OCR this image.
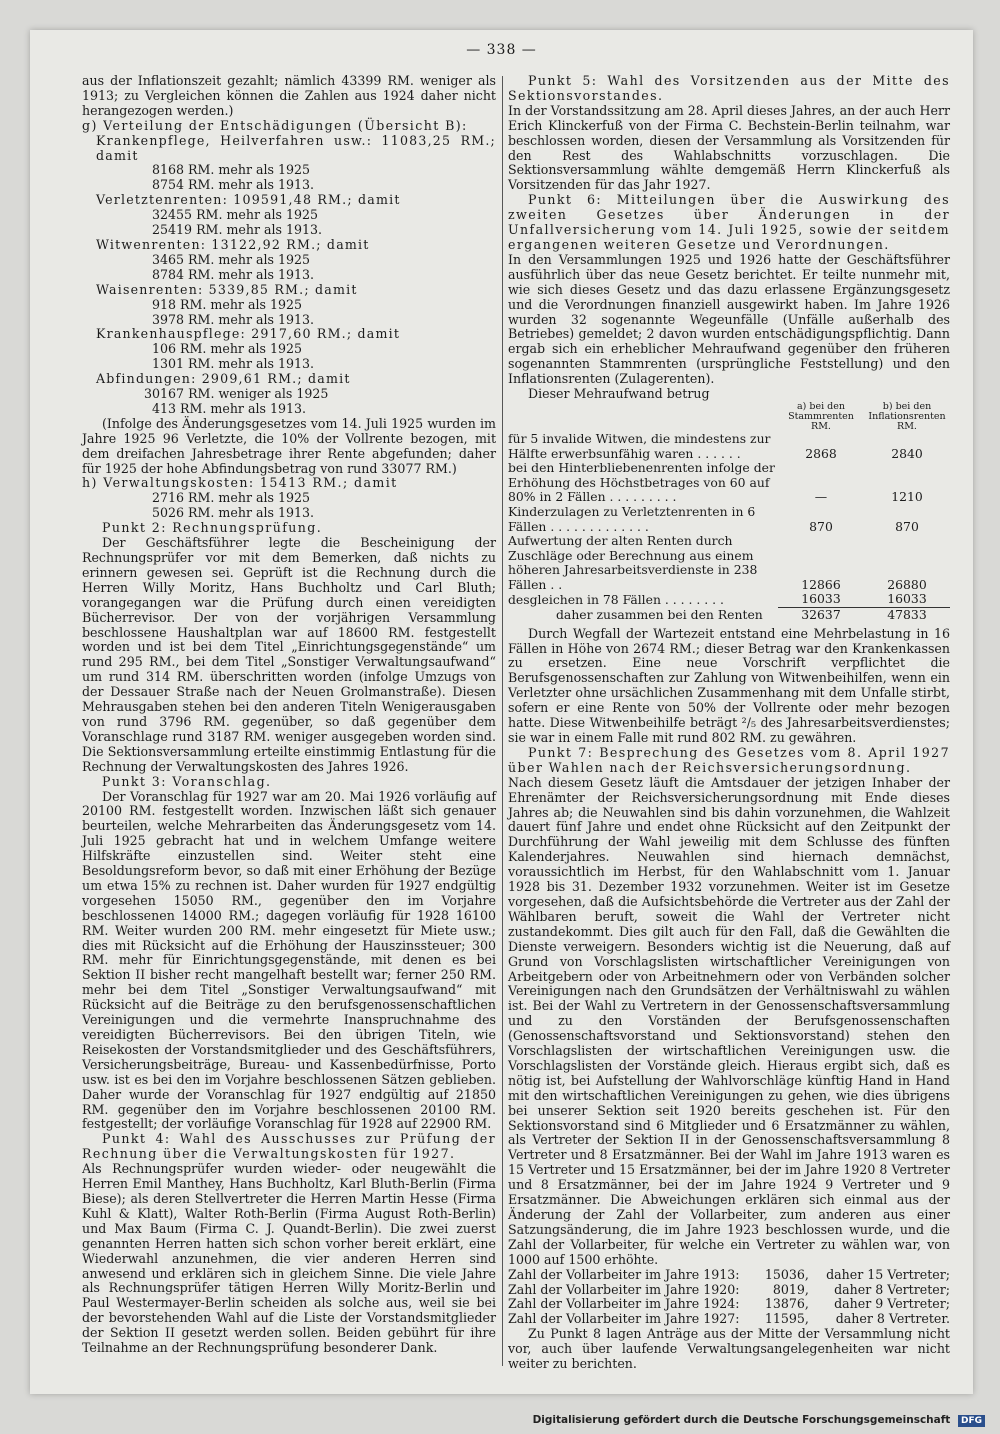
— 338 —

aus der Inflationszeit gezahlt; nämlich 43399 RM. weniger als 1913; zu Vergleichen können die Zahlen aus 1924 daher nicht herangezogen werden.)

g) Verteilung der Entschädigungen (Übersicht B):

Krankenpflege, Heilverfahren usw.: 11083,25 RM.; damit

8168 RM. mehr als 1925

8754 RM. mehr als 1913.

Verletztenrenten: 109591,48 RM.; damit

32455 RM. mehr als 1925

25419 RM. mehr als 1913.

Witwenrenten: 13122,92 RM.; damit

3465 RM. mehr als 1925

8784 RM. mehr als 1913.

Waisenrenten: 5339,85 RM.; damit

918 RM. mehr als 1925

3978 RM. mehr als 1913.

Krankenhauspflege: 2917,60 RM.; damit

106 RM. mehr als 1925

1301 RM. mehr als 1913.

Abfindungen: 2909,61 RM.; damit

30167 RM. weniger als 1925

413 RM. mehr als 1913.

(Infolge des Änderungsgesetzes vom 14. Juli 1925 wurden im Jahre 1925 96 Verletzte, die 10% der Vollrente bezogen, mit dem dreifachen Jahresbetrage ihrer Rente abgefunden; daher für 1925 der hohe Abfindungsbetrag von rund 33077 RM.)

h) Verwaltungskosten: 15413 RM.; damit

2716 RM. mehr als 1925

5026 RM. mehr als 1913.

Punkt 2: Rechnungsprüfung.

Der Geschäftsführer legte die Bescheinigung der Rechnungsprüfer vor mit dem Bemerken, daß nichts zu erinnern gewesen sei. Geprüft ist die Rechnung durch die Herren Willy Moritz, Hans Buchholtz und Carl Bluth; vorangegangen war die Prüfung durch einen vereidigten Bücherrevisor. Der von der vorjährigen Versammlung beschlossene Haushaltplan war auf 18600 RM. festgestellt worden und ist bei dem Titel „Einrichtungsgegenstände“ um rund 295 RM., bei dem Titel „Sonstiger Verwaltungsaufwand“ um rund 314 RM. überschritten worden (infolge Umzugs von der Dessauer Straße nach der Neuen Grolmanstraße). Diesen Mehrausgaben stehen bei den anderen Titeln Wenigerausgaben von rund 3796 RM. gegenüber, so daß gegenüber dem Voranschlage rund 3187 RM. weniger ausgegeben worden sind. Die Sektionsversammlung erteilte einstimmig Entlastung für die Rechnung der Verwaltungskosten des Jahres 1926.

Punkt 3: Voranschlag.

Der Voranschlag für 1927 war am 20. Mai 1926 vorläufig auf 20100 RM. festgestellt worden. Inzwischen läßt sich genauer beurteilen, welche Mehrarbeiten das Änderungsgesetz vom 14. Juli 1925 gebracht hat und in welchem Umfange weitere Hilfskräfte einzustellen sind. Weiter steht eine Besoldungsreform bevor, so daß mit einer Erhöhung der Bezüge um etwa 15% zu rechnen ist. Daher wurden für 1927 endgültig vorgesehen 15050 RM., gegenüber den im Vorjahre beschlossenen 14000 RM.; dagegen vorläufig für 1928 16100 RM. Weiter wurden 200 RM. mehr eingesetzt für Miete usw.; dies mit Rücksicht auf die Erhöhung der Hauszinssteuer; 300 RM. mehr für Einrichtungsgegenstände, mit denen es bei Sektion II bisher recht mangelhaft bestellt war; ferner 250 RM. mehr bei dem Titel „Sonstiger Verwaltungsaufwand“ mit Rücksicht auf die Beiträge zu den berufsgenossenschaftlichen Vereinigungen und die vermehrte Inanspruchnahme des vereidigten Bücherrevisors. Bei den übrigen Titeln, wie Reisekosten der Vorstandsmitglieder und des Geschäftsführers, Versicherungsbeiträge, Bureau- und Kassenbedürfnisse, Porto usw. ist es bei den im Vorjahre beschlossenen Sätzen geblieben. Daher wurde der Voranschlag für 1927 endgültig auf 21850 RM. gegenüber den im Vorjahre beschlossenen 20100 RM. festgestellt; der vorläufige Voranschlag für 1928 auf 22900 RM.

Punkt 4: Wahl des Ausschusses zur Prüfung der Rechnung über die Verwaltungskosten für 1927.

Als Rechnungsprüfer wurden wieder- oder neugewählt die Herren Emil Manthey, Hans Buchholtz, Karl Bluth-Berlin (Firma Biese); als deren Stellvertreter die Herren Martin Hesse (Firma Kuhl & Klatt), Walter Roth-Berlin (Firma August Roth-Berlin) und Max Baum (Firma C. J. Quandt-Berlin). Die zwei zuerst genannten Herren hatten sich schon vorher bereit erklärt, eine Wiederwahl anzunehmen, die vier anderen Herren sind anwesend und erklären sich in gleichem Sinne. Die viele Jahre als Rechnungsprüfer tätigen Herren Willy Moritz-Berlin und Paul Westermayer-Berlin scheiden als solche aus, weil sie bei der bevorstehenden Wahl auf die Liste der Vorstandsmitglieder der Sektion II gesetzt werden sollen. Beiden gebührt für ihre Teilnahme an der Rechnungsprüfung besonderer Dank.

Punkt 5: Wahl des Vorsitzenden aus der Mitte des Sektionsvorstandes.

In der Vorstandssitzung am 28. April dieses Jahres, an der auch Herr Erich Klinckerfuß von der Firma C. Bechstein-Berlin teilnahm, war beschlossen worden, diesen der Versammlung als Vorsitzenden für den Rest des Wahlabschnitts vorzuschlagen. Die Sektionsversammlung wählte demgemäß Herrn Klinckerfuß als Vorsitzenden für das Jahr 1927.

Punkt 6: Mitteilungen über die Auswirkung des zweiten Gesetzes über Änderungen in der Unfallversicherung vom 14. Juli 1925, sowie der seitdem ergangenen weiteren Gesetze und Verordnungen.

In den Versammlungen 1925 und 1926 hatte der Geschäftsführer ausführlich über das neue Gesetz berichtet. Er teilte nunmehr mit, wie sich dieses Gesetz und das dazu erlassene Ergänzungsgesetz und die Verordnungen finanziell ausgewirkt haben. Im Jahre 1926 wurden 32 sogenannte Wegeunfälle (Unfälle außerhalb des Betriebes) gemeldet; 2 davon wurden entschädigungspflichtig. Dann ergab sich ein erheblicher Mehraufwand gegenüber den früheren sogenannten Stammrenten (ursprüngliche Feststellung) und den Inflationsrenten (Zulagerenten).

Dieser Mehraufwand betrug

	a) bei den Stammrenten RM.	b) bei den Inflationsrenten RM.
für 5 invalide Witwen, die mindestens zur Hälfte erwerbsunfähig waren . . . . . .	2868	2840
bei den Hinterbliebenenrenten infolge der Erhöhung des Höchstbetrages von 60 auf 80% in 2 Fällen . . . . . . . . .	—	1210
Kinderzulagen zu Verletztenrenten in 6 Fällen . . . . . . . . . . . . .	870	870
Aufwertung der alten Renten durch Zuschläge oder Berechnung aus einem höheren Jahresarbeitsverdienste in 238 Fällen . .	12866	26880
desgleichen in 78 Fällen . . . . . . . .	16033	16033
daher zusammen bei den Renten	32637	47833

Durch Wegfall der Wartezeit entstand eine Mehrbelastung in 16 Fällen in Höhe von 2674 RM.; dieser Betrag war den Krankenkassen zu ersetzen. Eine neue Vorschrift verpflichtet die Berufsgenossenschaften zur Zahlung von Witwenbeihilfen, wenn ein Verletzter ohne ursächlichen Zusammenhang mit dem Unfalle stirbt, sofern er eine Rente von 50% der Vollrente oder mehr bezogen hatte. Diese Witwenbeihilfe beträgt ²/₅ des Jahresarbeitsverdienstes; sie war in einem Falle mit rund 802 RM. zu gewähren.

Punkt 7: Besprechung des Gesetzes vom 8. April 1927 über Wahlen nach der Reichsversicherungsordnung.

Nach diesem Gesetz läuft die Amtsdauer der jetzigen Inhaber der Ehrenämter der Reichsversicherungsordnung mit Ende dieses Jahres ab; die Neuwahlen sind bis dahin vorzunehmen, die Wahlzeit dauert fünf Jahre und endet ohne Rücksicht auf den Zeitpunkt der Durchführung der Wahl jeweilig mit dem Schlusse des fünften Kalenderjahres. Neuwahlen sind hiernach demnächst, voraussichtlich im Herbst, für den Wahlabschnitt vom 1. Januar 1928 bis 31. Dezember 1932 vorzunehmen. Weiter ist im Gesetze vorgesehen, daß die Aufsichtsbehörde die Vertreter aus der Zahl der Wählbaren beruft, soweit die Wahl der Vertreter nicht zustandekommt. Dies gilt auch für den Fall, daß die Gewählten die Dienste verweigern. Besonders wichtig ist die Neuerung, daß auf Grund von Vorschlagslisten wirtschaftlicher Vereinigungen von Arbeitgebern oder von Arbeitnehmern oder von Verbänden solcher Vereinigungen nach den Grundsätzen der Verhältniswahl zu wählen ist. Bei der Wahl zu Vertretern in der Genossenschaftsversammlung und zu den Vorständen der Berufsgenossenschaften (Genossenschaftsvorstand und Sektionsvorstand) stehen den Vorschlagslisten der wirtschaftlichen Vereinigungen usw. die Vorschlagslisten der Vorstände gleich. Hieraus ergibt sich, daß es nötig ist, bei Aufstellung der Wahlvorschläge künftig Hand in Hand mit den wirtschaftlichen Vereinigungen zu gehen, wie dies übrigens bei unserer Sektion seit 1920 bereits geschehen ist. Für den Sektionsvorstand sind 6 Mitglieder und 6 Ersatzmänner zu wählen, als Vertreter der Sektion II in der Genossenschaftsversammlung 8 Vertreter und 8 Ersatzmänner. Bei der Wahl im Jahre 1913 waren es 15 Vertreter und 15 Ersatzmänner, bei der im Jahre 1920 8 Vertreter und 8 Ersatzmänner, bei der im Jahre 1924 9 Vertreter und 9 Ersatzmänner. Die Abweichungen erklären sich einmal aus der Änderung der Zahl der Vollarbeiter, zum anderen aus einer Satzungsänderung, die im Jahre 1923 beschlossen wurde, und die Zahl der Vollarbeiter, für welche ein Vertreter zu wählen war, von 1000 auf 1500 erhöhte.

Zahl der Vollarbeiter im Jahre 1913:	15036,	daher 15 Vertreter;
Zahl der Vollarbeiter im Jahre 1920:	8019,	daher 8 Vertreter;
Zahl der Vollarbeiter im Jahre 1924:	13876,	daher 9 Vertreter;
Zahl der Vollarbeiter im Jahre 1927:	11595,	daher 8 Vertreter.

Zu Punkt 8 lagen Anträge aus der Mitte der Versammlung nicht vor, auch über laufende Verwaltungsangelegenheiten war nicht weiter zu berichten.

Digitalisierung gefördert durch die Deutsche Forschungsgemeinschaft DFG
